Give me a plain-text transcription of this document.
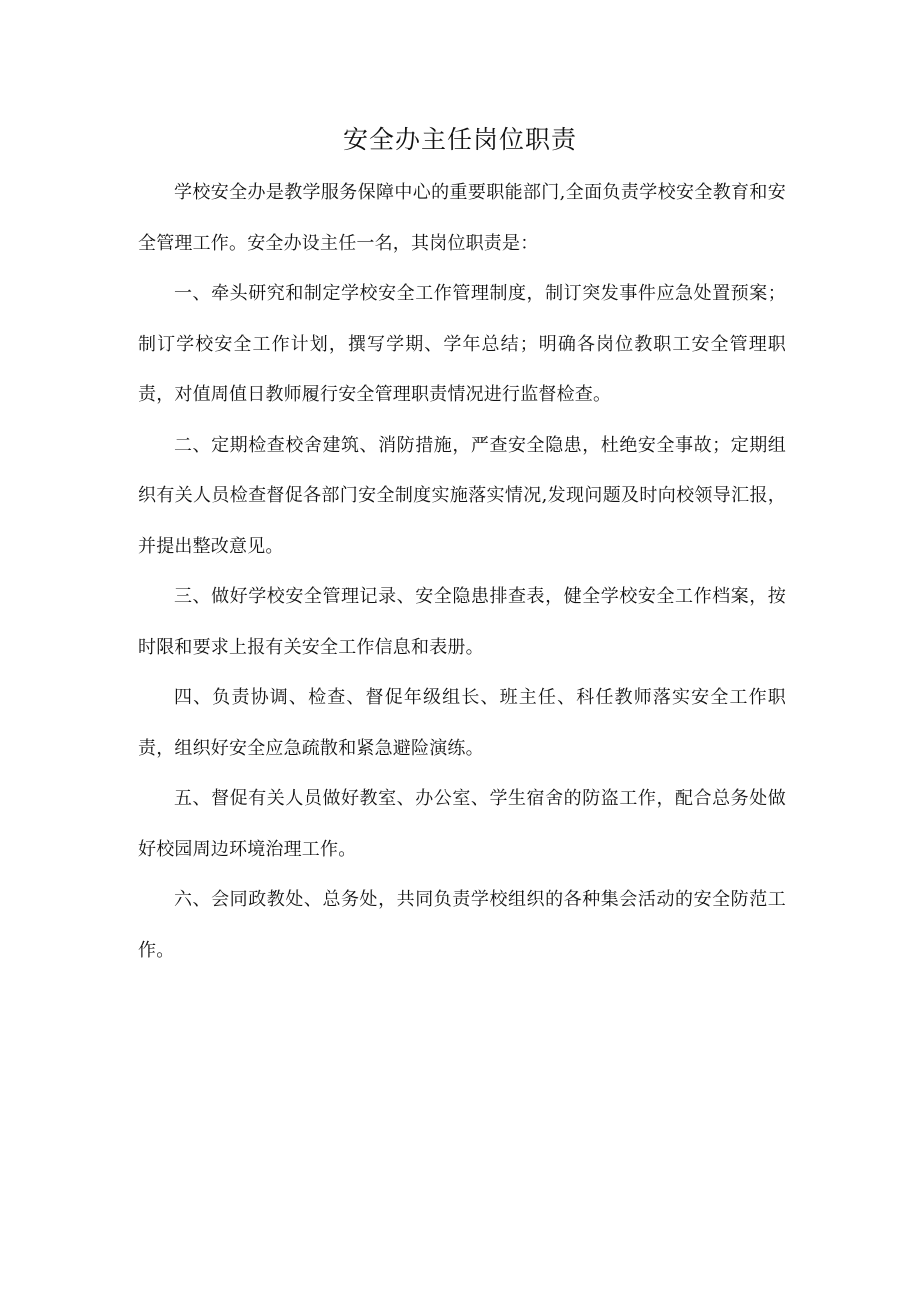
安全办主任岗位职责

学校安全办是教学服务保障中心的重要职能部门,全面负责学校安全教育和安全管理工作。安全办设主任一名，其岗位职责是：

一、牵头研究和制定学校安全工作管理制度，制订突发事件应急处置预案；制订学校安全工作计划，撰写学期、学年总结；明确各岗位教职工安全管理职责，对值周值日教师履行安全管理职责情况进行监督检查。

二、定期检查校舍建筑、消防措施，严查安全隐患，杜绝安全事故；定期组织有关人员检查督促各部门安全制度实施落实情况,发现问题及时向校领导汇报，并提出整改意见。

三、做好学校安全管理记录、安全隐患排查表，健全学校安全工作档案，按时限和要求上报有关安全工作信息和表册。

四、负责协调、检查、督促年级组长、班主任、科任教师落实安全工作职责，组织好安全应急疏散和紧急避险演练。

五、督促有关人员做好教室、办公室、学生宿舍的防盗工作，配合总务处做好校园周边环境治理工作。

六、会同政教处、总务处，共同负责学校组织的各种集会活动的安全防范工作。
